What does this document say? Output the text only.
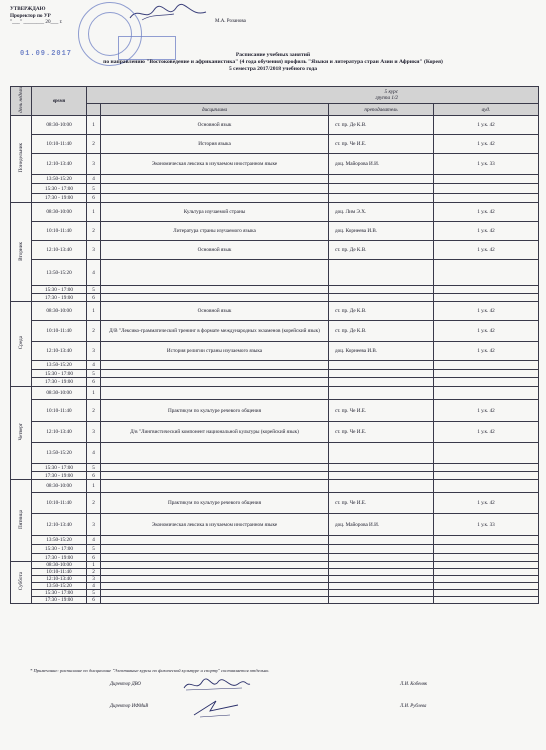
УТВЕРЖДАЮ
Проректор по УР
"___" ________ 20___ г.	М.А. Розанова
01.09.2017	Расписание учебных занятий
по направлению "Востоковедение и африканистика" (4 года обучения) профиль "Языки и литература стран Азии и Африки" (Корея)
5 семестра 2017/2018 учебного года
день недели	время	5 курс
группа 1/2			
			дисциплина	преподаватель	ауд.
Понедельник	08:30-10:00	1	Основной язык	ст. пр. Де К.В.	1 у.к. 42
	10:10-11:40	2	История языка	ст. пр. Че И.Е.	1 у.к. 42
	12:10-13:40	3	Экономическая лексика в изучаемом иностранном языке	доц. Майорова И.И.	1 у.к. 33
	13:50-15:20	4			
	15:30 - 17:00	5			
	17:30 - 19:00	6			
Вторник	08:30-10:00	1	Культура изучаемой страны	доц. Лим Э.Х.	1 у.к. 42
	10:10-11:40	2	Литература страны изучаемого языка	доц. Корнеева И.В.	1 у.к. 42
	12:10-13:40	3	Основной язык	ст. пр. Де К.В.	1 у.к. 42
	13:50-15:20	4			
	15:30 - 17:00	5			
	17:30 - 19:00	6			
Среда	08:30-10:00	1	Основной язык	ст. пр. Де К.В.	1 у.к. 42
	10:10-11:40	2	Д/В "Лексико-грамматический тренинг в формате международных экзаменов (корейский язык)	ст. пр. Де К.В.	1 у.к. 42
	12:10-13:40	3	История религии страны изучаемого языка	доц. Корнеева И.В.	1 у.к. 42
	13:50-15:20	4			
	15:30 - 17:00	5			
	17:30 - 19:00	6			
Четверг	08:30-10:00	1			
	10:10-11:40	2	Практикум по культуре речевого общения	ст. пр. Че И.Е.	1 у.к. 42
	12:10-13:40	3	Д/в "Лингвистический компонент национальной культуры (корейский язык)	ст. пр. Че И.Е.	1 у.к. 42
	13:50-15:20	4			
	15:30 - 17:00	5			
	17:30 - 19:00	6			
Пятница	08:30-10:00	1			
	10:10-11:40	2	Практикум по культуре речевого общения	ст. пр. Че И.Е.	1 у.к. 42
	12:10-13:40	3	Экономическая лексика в изучаемом иностранном языке	доц. Майорова И.И.	1 у.к. 33
	13:50-15:20	4			
	15:30 - 17:00	5			
	17:30 - 19:00	6			
Суббота	08:30-10:00	1			
	10:10-11:40	2			
	12:10-13:40	3			
	13:50-15:20	4			
	15:30 - 17:00	5			
	17:30 - 19:00	6			
* Примечание: расписание по дисциплине "Элективные курсы по физической культуре и спорту" составляется отдельно.
Директор ДВО	Л.И. Кобеняк
Директор ИФМиВ	Л.И. Рублева
